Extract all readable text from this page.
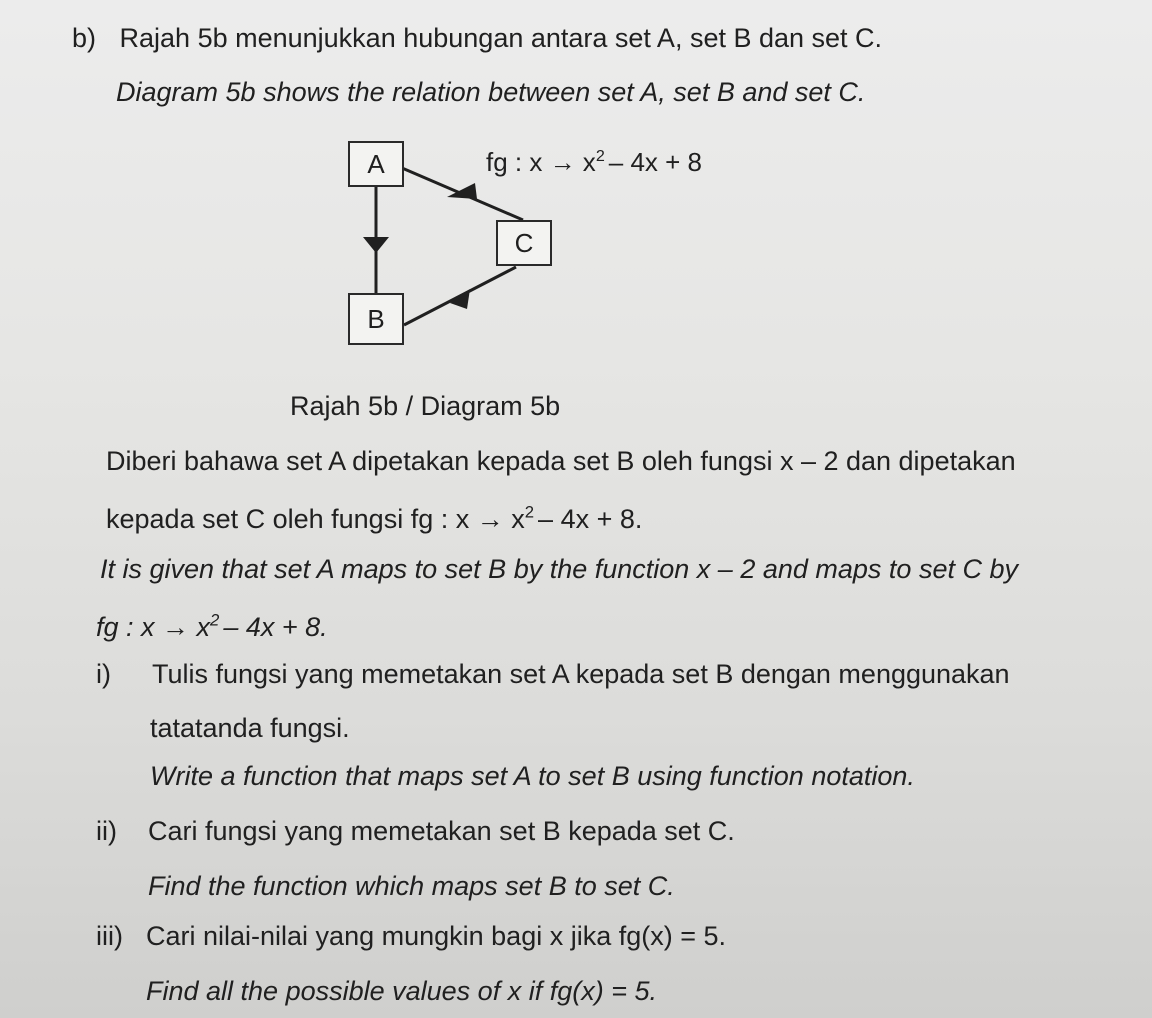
b) Rajah 5b menunjukkan hubungan antara set A, set B dan set C.
Diagram 5b shows the relation between set A, set B and set C.
A
C
B
fg : $x \to x^2 - 4x + 8$
Rajah 5b / Diagram 5b
Diberi bahawa set A dipetakan kepada set B oleh fungsi x – 2 dan dipetakan
kepada set C oleh fungsi fg : $x \to x^2 - 4x + 8$.
It is given that set A maps to set B by the function x – 2 and maps to set C by
fg : $x \to x^2 - 4x + 8$.
i) Tulis fungsi yang memetakan set A kepada set B dengan menggunakan
tatatanda fungsi.
Write a function that maps set A to set B using function notation.
ii) Cari fungsi yang memetakan set B kepada set C.
Find the function which maps set B to set C.
iii) Cari nilai-nilai yang mungkin bagi x jika fg(x) = 5.
Find all the possible values of x if fg(x) = 5.
